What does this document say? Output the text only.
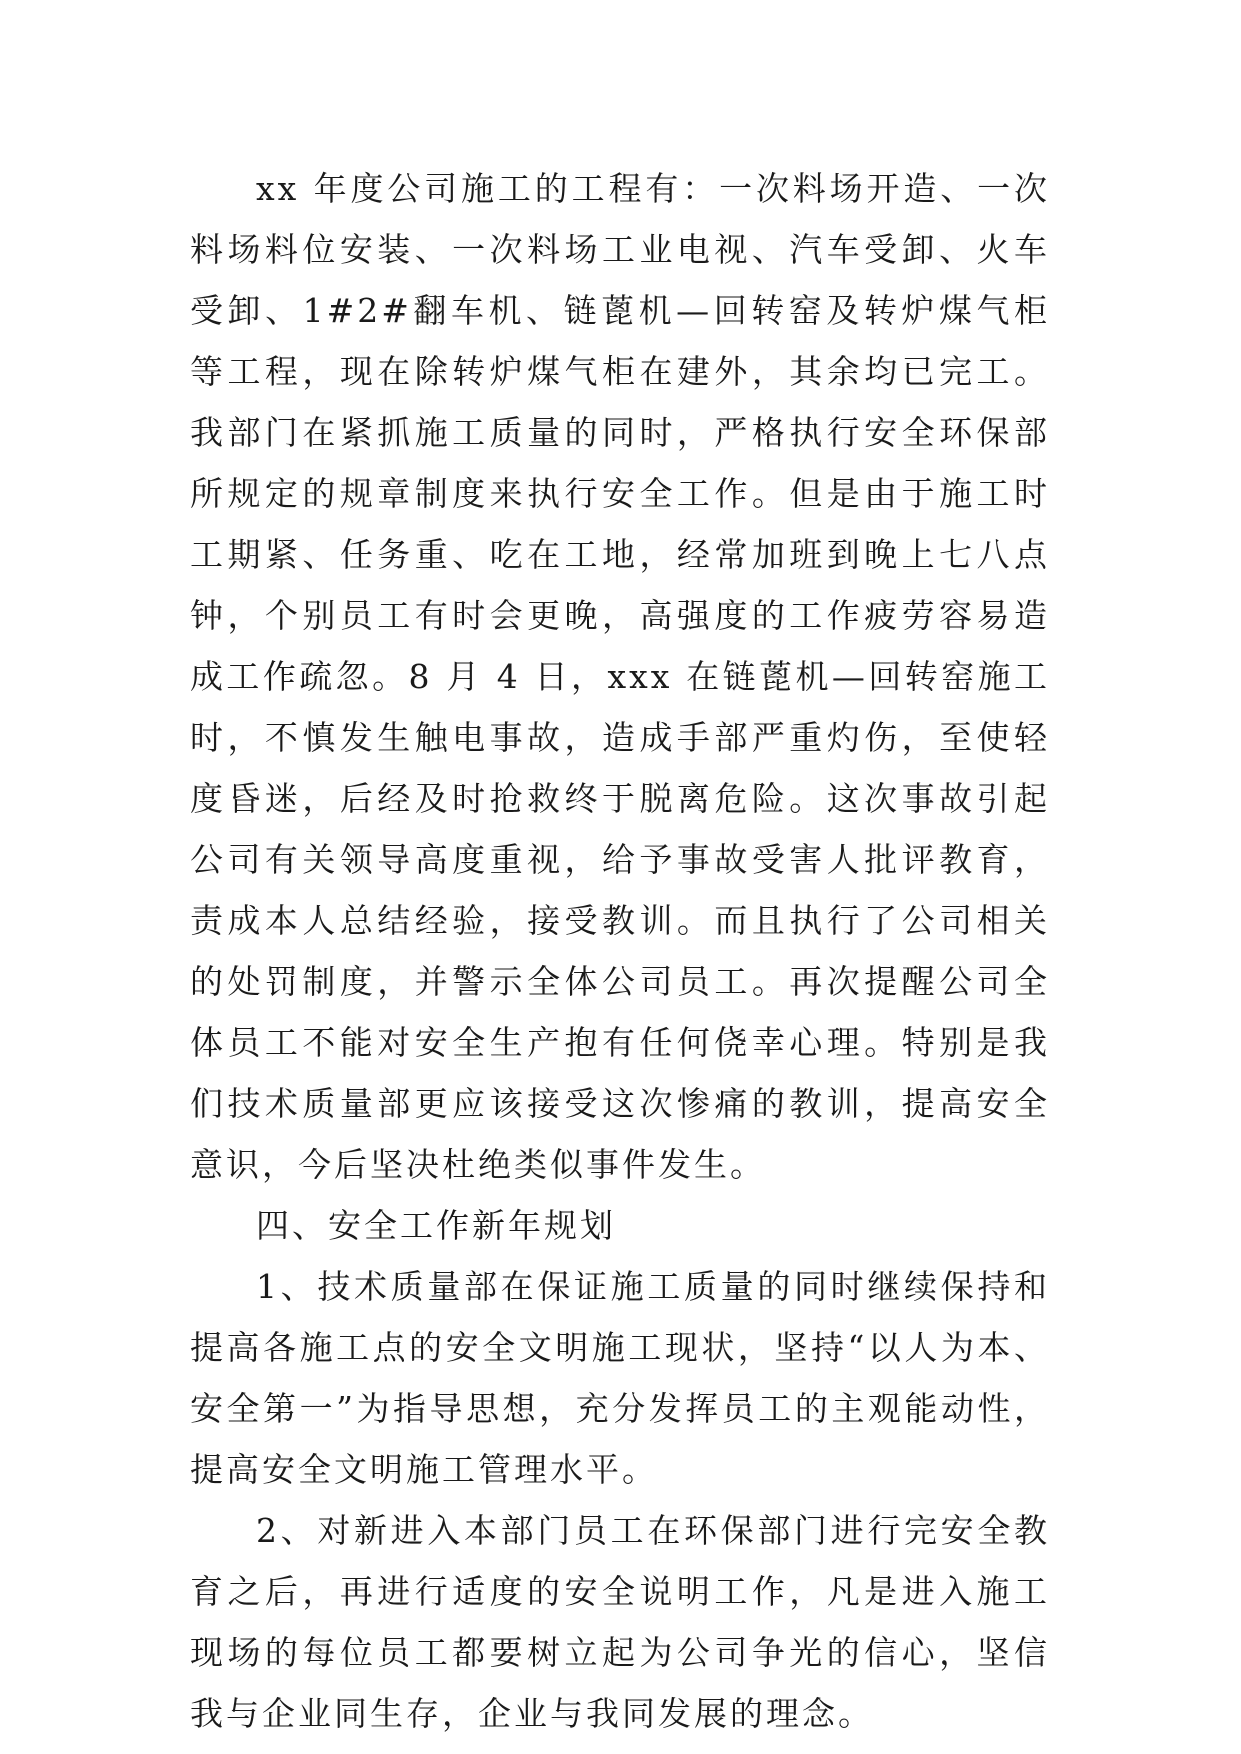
xx 年度公司施工的工程有：一次料场开造、一次料场料位安装、一次料场工业电视、汽车受卸、火车受卸、1#2#翻车机、链蓖机—回转窑及转炉煤气柜等工程，现在除转炉煤气柜在建外，其余均已完工。我部门在紧抓施工质量的同时，严格执行安全环保部所规定的规章制度来执行安全工作。但是由于施工时工期紧、任务重、吃在工地，经常加班到晚上七八点钟，个别员工有时会更晚，高强度的工作疲劳容易造成工作疏忽。8 月 4 日，xxx 在链蓖机—回转窑施工时，不慎发生触电事故，造成手部严重灼伤，至使轻度昏迷，后经及时抢救终于脱离危险。这次事故引起公司有关领导高度重视，给予事故受害人批评教育，责成本人总结经验，接受教训。而且执行了公司相关的处罚制度，并警示全体公司员工。再次提醒公司全体员工不能对安全生产抱有任何侥幸心理。特别是我们技术质量部更应该接受这次惨痛的教训，提高安全意识，今后坚决杜绝类似事件发生。

四、安全工作新年规划

1、技术质量部在保证施工质量的同时继续保持和提高各施工点的安全文明施工现状，坚持“以人为本、安全第一”为指导思想，充分发挥员工的主观能动性，提高安全文明施工管理水平。

2、对新进入本部门员工在环保部门进行完安全教育之后，再进行适度的安全说明工作，凡是进入施工现场的每位员工都要树立起为公司争光的信心，坚信我与企业同生存，企业与我同发展的理念。
